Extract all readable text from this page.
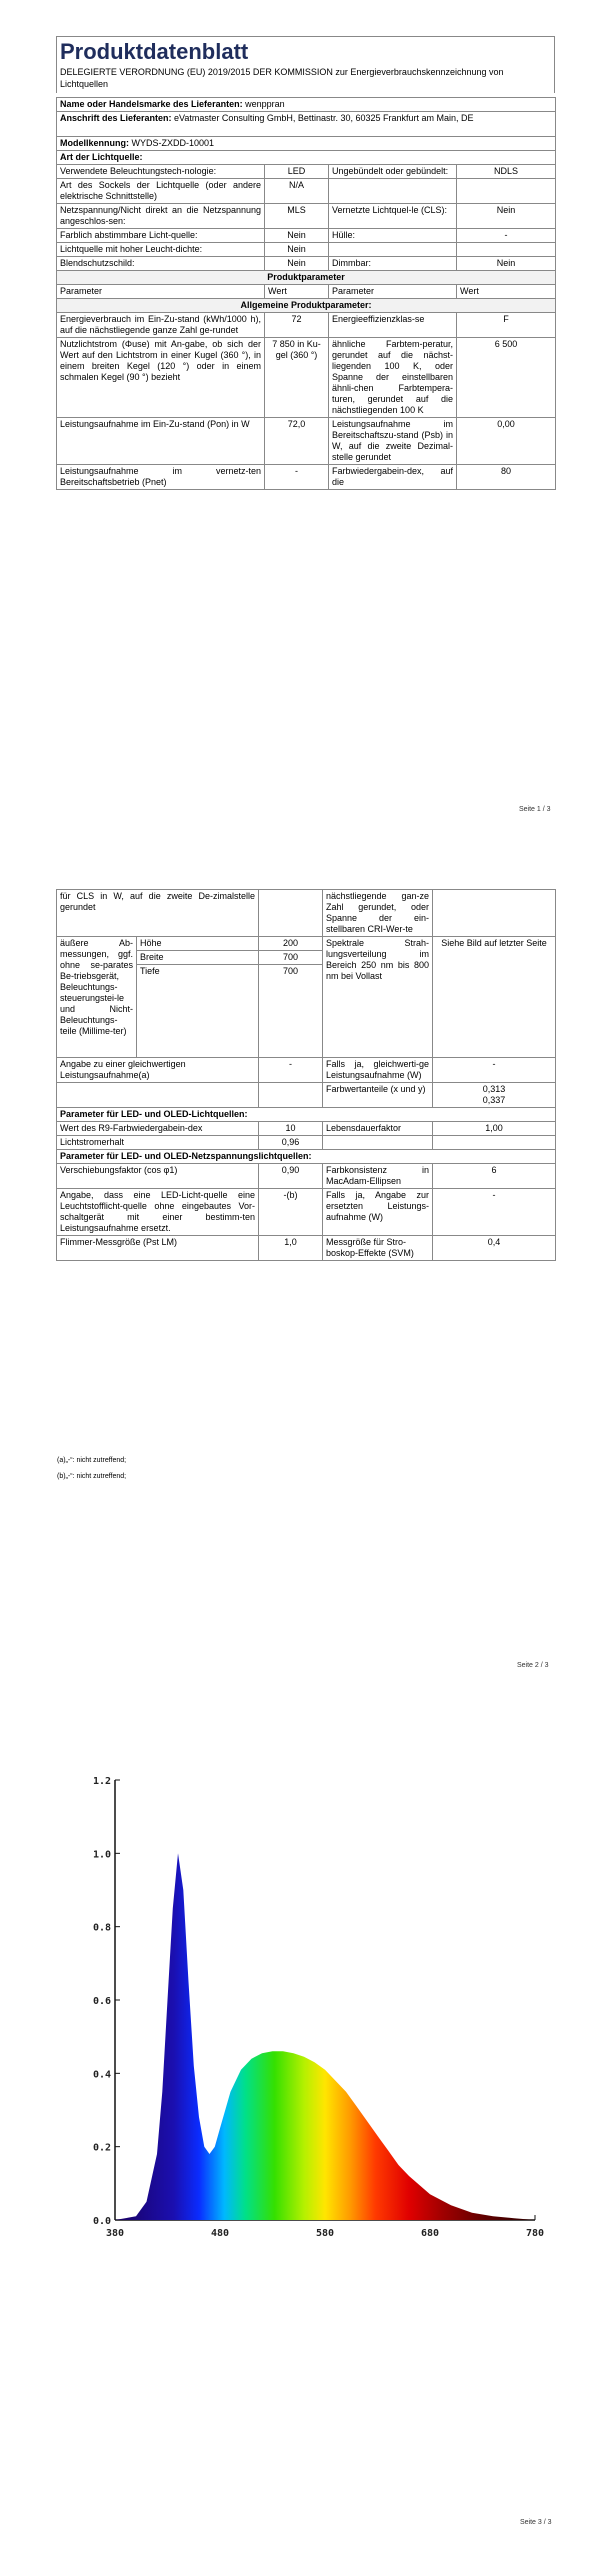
Produktdatenblatt
DELEGIERTE VERORDNUNG (EU) 2019/2015 DER KOMMISSION zur Energieverbrauchskennzeichnung von Lichtquellen
Name oder Handelsmarke des Lieferanten: wenppran			
Anschrift des Lieferanten: eVatmaster Consulting GmbH, Bettinastr. 30, 60325 Frankfurt am Main, DE			
Modellkennung: WYDS-ZXDD-10001			
Art der Lichtquelle:			
Verwendete Beleuchtungstech-nologie:	LED	Ungebündelt oder gebündelt:	NDLS
Art des Sockels der Lichtquelle (oder andere elektrische Schnittstelle)	N/A		
Netzspannung/Nicht direkt an die Netzspannung angeschlos-sen:	MLS	Vernetzte Lichtquel-le (CLS):	Nein
Farblich abstimmbare Licht-quelle:	Nein	Hülle:	-
Lichtquelle mit hoher Leucht-dichte:	Nein		
Blendschutzschild:	Nein	Dimmbar:	Nein
Produktparameter			
Parameter	Wert	Parameter	Wert
Allgemeine Produktparameter:			
Energieverbrauch im Ein-Zu-stand (kWh/1000 h), auf die nächstliegende ganze Zahl ge-rundet	72	Energieeffizienzklas-se	F
Nutzlichtstrom (Φuse) mit An-gabe, ob sich der Wert auf den Lichtstrom in einer Kugel (360 °), in einem breiten Kegel (120 °) oder in einem schmalen Kegel (90 °) bezieht	7 850 in Ku-gel (360 °)	ähnliche Farbtem-peratur, gerundet auf die nächst-liegenden 100 K, oder Spanne der einstellbaren ähnli-chen Farbtempera-turen, gerundet auf die nächstliegenden 100 K	6 500
Leistungsaufnahme im Ein-Zu-stand (Pon) in W	72,0	Leistungsaufnahme im Bereitschaftszu-stand (Psb) in W, auf die zweite Dezimal-stelle gerundet	0,00
Leistungsaufnahme im vernetz-ten Bereitschaftsbetrieb (Pnet)	-	Farbwiedergabein-dex, auf die	80
Seite 1 / 3
für CLS in W, auf die zweite De-zimalstelle gerundet			nächstliegende gan-ze Zahl gerundet, oder Spanne der ein-stellbaren CRI-Wer-te	
äußere Ab-messungen, ggf. ohne se-parates Be-triebsgerät, Beleuchtungs-steuerungstei-le und Nicht-Beleuchtungs-teile (Millime-ter)	Höhe	200	Spektrale Strah-lungsverteilung im Bereich 250 nm bis 800 nm bei Vollast	Siehe Bild auf letzter Seite
	Breite	700		
	Tiefe	700		
Angabe zu einer gleichwertigen Leistungsaufnahme(a)		-	Falls ja, gleichwerti-ge Leistungsaufnahme (W)	-
			Farbwertanteile (x und y)	0,313
0,337

Parameter für LED- und OLED-Lichtquellen:				
Wert des R9-Farbwiedergabein-dex		10	Lebensdauerfaktor	1,00
Lichtstromerhalt		0,96		
Parameter für LED- und OLED-Netzspannungslichtquellen:				
Verschiebungsfaktor (cos φ1)		0,90	Farbkonsistenz in MacAdam-Ellipsen	6
Angabe, dass eine LED-Licht-quelle eine Leuchtstofflicht-quelle ohne eingebautes Vor-schaltgerät mit einer bestimm-ten Leistungsaufnahme ersetzt.		-(b)	Falls ja, Angabe zur ersetzten Leistungs-aufnahme (W)	-
Flimmer-Messgröße (Pst LM)		1,0	Messgröße für Stro-boskop-Effekte (SVM)	0,4
(a)„-“: nicht zutreffend;
(b)„-“: nicht zutreffend;
Seite 2 / 3
0.0
0.2
0.4
0.6
0.8
1.0
1.2
380	480	580	680	780
Seite 3 / 3
